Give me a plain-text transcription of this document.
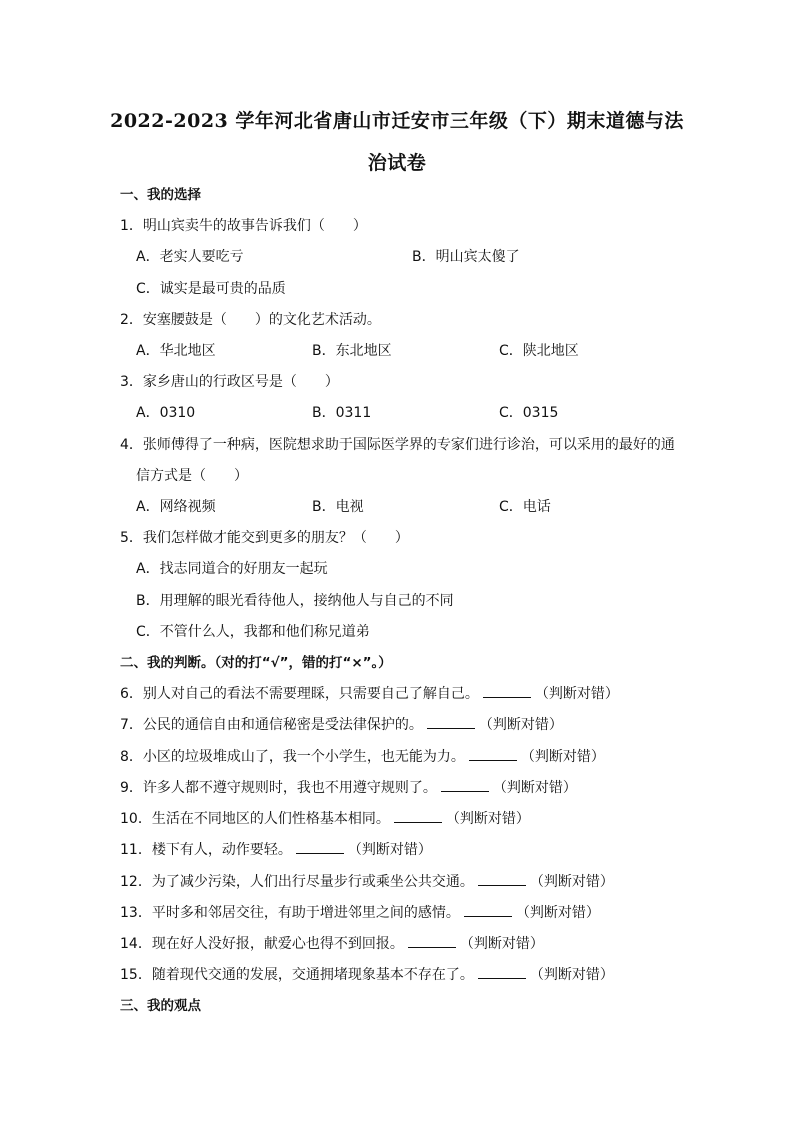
2022-2023 学年河北省唐山市迁安市三年级（下）期末道德与法
治试卷
一、我的选择
1．明山宾卖牛的故事告诉我们（　　）
A．老实人要吃亏	B．明山宾太傻了
C．诚实是最可贵的品质
2．安塞腰鼓是（　　）的文化艺术活动。
A．华北地区	B．东北地区	C．陕北地区
3．家乡唐山的行政区号是（　　）
A．0310	B．0311	C．0315
4．张师傅得了一种病，医院想求助于国际医学界的专家们进行诊治，可以采用的最好的通
信方式是（　　）
A．网络视频	B．电视	C．电话
5．我们怎样做才能交到更多的朋友？（　　）
A．找志同道合的好朋友一起玩
B．用理解的眼光看待他人，接纳他人与自己的不同
C．不管什么人，我都和他们称兄道弟
二、我的判断。（对的打“√”，错的打“×”。）
6．别人对自己的看法不需要理睬，只需要自己了解自己。	（判断对错）
7．公民的通信自由和通信秘密是受法律保护的。	（判断对错）
8．小区的垃圾堆成山了，我一个小学生，也无能为力。	（判断对错）
9．许多人都不遵守规则时，我也不用遵守规则了。	（判断对错）
10．生活在不同地区的人们性格基本相同。	（判断对错）
11．楼下有人，动作要轻。	（判断对错）
12．为了减少污染，人们出行尽量步行或乘坐公共交通。	（判断对错）
13．平时多和邻居交往，有助于增进邻里之间的感情。	（判断对错）
14．现在好人没好报，献爱心也得不到回报。	（判断对错）
15．随着现代交通的发展，交通拥堵现象基本不存在了。	（判断对错）
三、我的观点
